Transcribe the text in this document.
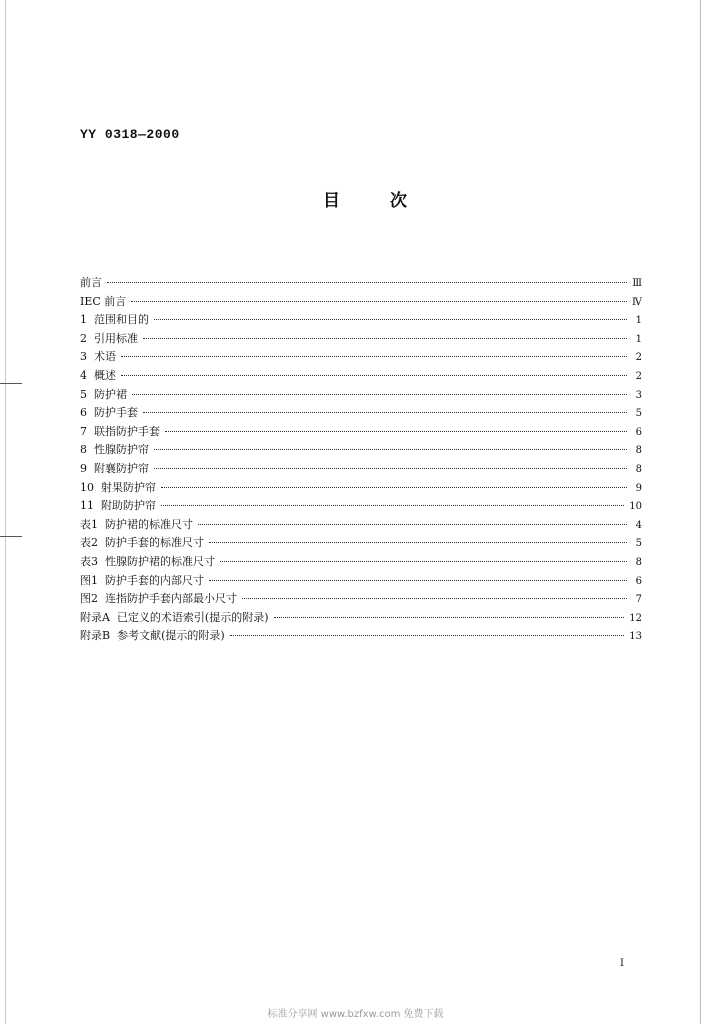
YY 0318—2000
目 次
前言	Ⅲ
IEC 前言	Ⅳ
1  范围和目的	1
2  引用标准	1
3  术语	2
4  概述	2
5  防护裙	3
6  防护手套	5
7  联指防护手套	6
8  性腺防护帘	8
9  附襄防护帘	8
10  射果防护帘	9
11  附助防护帘	10
表1  防护裙的标准尺寸	4
表2  防护手套的标准尺寸	5
表3  性腺防护裙的标准尺寸	8
图1  防护手套的内部尺寸	6
图2  连指防护手套内部最小尺寸	7
附录A  已定义的术语索引(提示的附录)	12
附录B  参考文献(提示的附录)	13
I
标准分享网 www.bzfxw.com 免费下载
